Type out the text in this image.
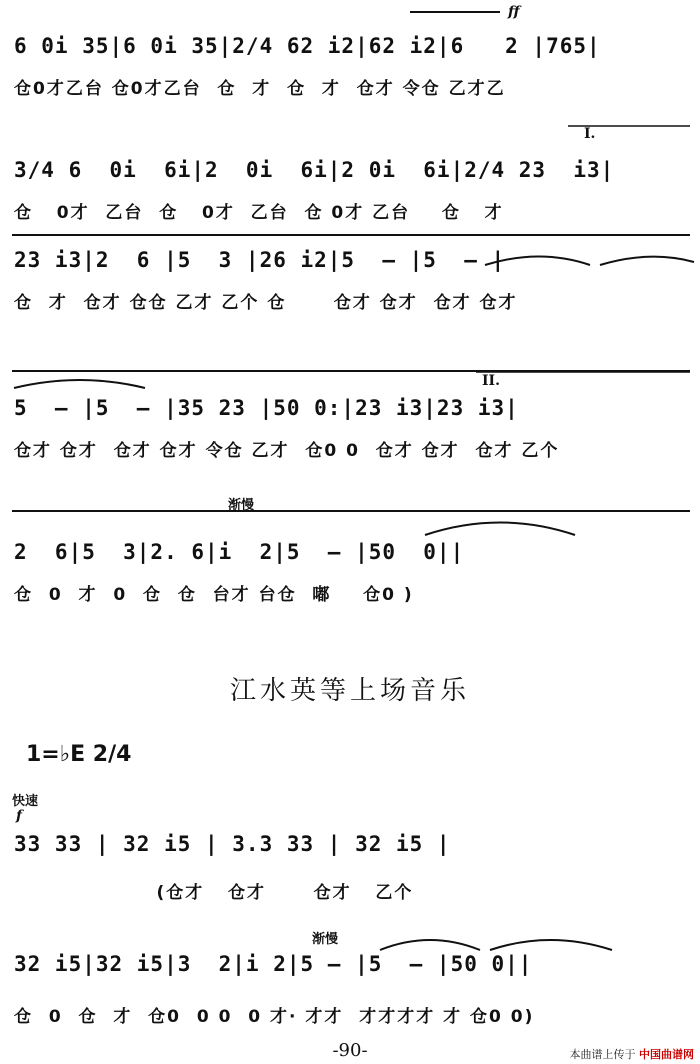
6 0i 35|6 0i 35|2/4 62 i2|62 i2|6   2 |765|
仓0才乙台 仓0才乙台  仓  才  仓  才  仓才 令仓 乙才乙
ff
I.
3/4 6  0i  6i|2  0i  6i|2 0i  6i|2/4 23  i3|
仓   0才  乙台  仓   0才  乙台  仓 0才 乙台    仓   才
23 i3|2  6 |5  3 |26 i2|5  — |5  — |
仓  才  仓才 仓仓 乙才 乙个 仓      仓才 仓才  仓才 仓才
II.
5  — |5  — |35 23 |50 0:|23 i3|23 i3|
仓才 仓才  仓才 仓才 令仓 乙才  仓0 0  仓才 仓才  仓才 乙个
渐慢
2  6|5  3|2. 6|i  2|5  — |50  0||
仓  0  才  0  仓  仓  台才 台仓  嘟    仓0 )
江水英等上场音乐
1=♭E 2/4
快速
f
33 33 | 32 i5 | 3.3 33 | 32 i5 |
(仓才   仓才      仓才   乙个
渐慢
32 i5|32 i5|3  2|i 2|5 — |5  — |50 0||
仓  0  仓  才  仓0  0 0  0 才· 才才  才才才才 才 仓0 0)
-90-	本曲谱上传于 中国曲谱网
